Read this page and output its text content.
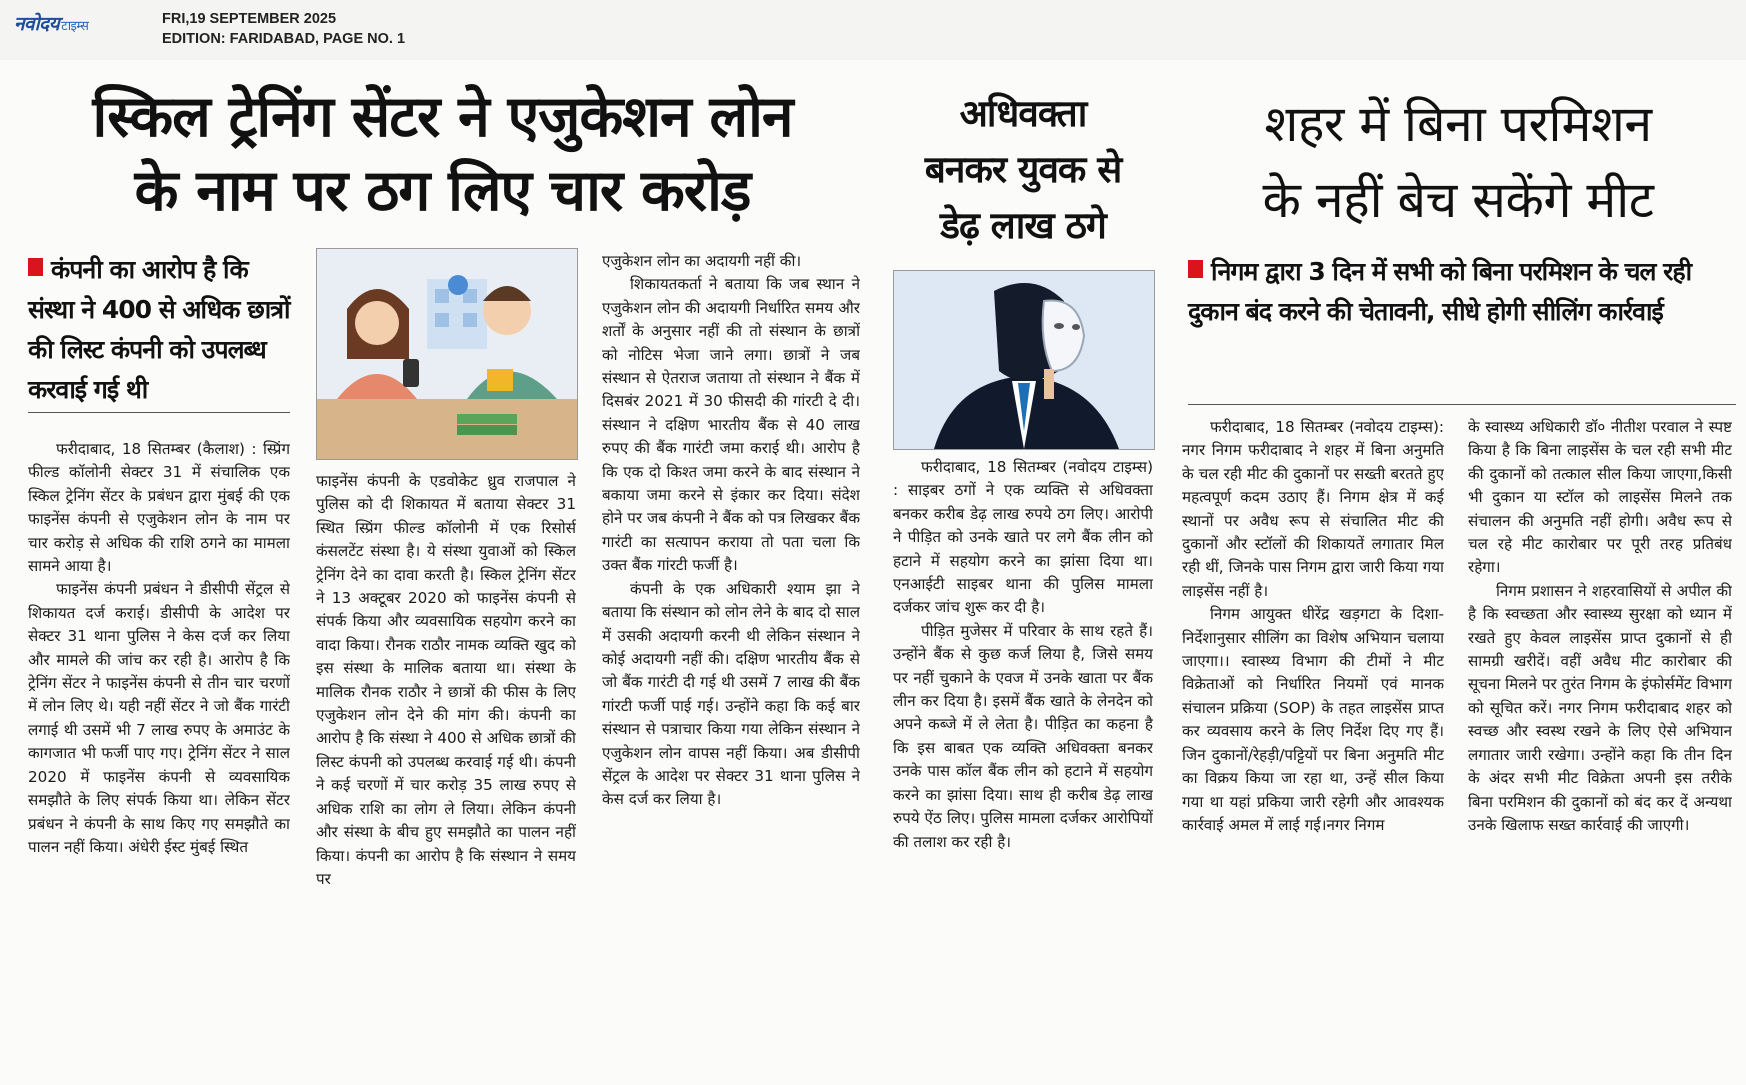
नवोदय टाइम्स	FRI,19 SEPTEMBER 2025
EDITION: FARIDABAD, PAGE NO. 1
स्किल ट्रेनिंग सेंटर ने एजुकेशन लोन
के नाम पर ठग लिए चार करोड़
कंपनी का आरोप है कि संस्था ने 400 से अधिक छात्रों की लिस्ट कंपनी को उपलब्ध करवाई गई थी

फरीदाबाद, 18 सितम्बर (कैलाश) : स्प्रिंग फील्ड कॉलोनी सेक्टर 31 में संचालिक एक स्किल ट्रेनिंग सेंटर के प्रबंधन द्वारा मुंबई की एक फाइनेंस कंपनी से एजुकेशन लोन के नाम पर चार करोड़ से अधिक की राशि ठगने का मामला सामने आया है।

फाइनेंस कंपनी प्रबंधन ने डीसीपी सेंट्रल से शिकायत दर्ज कराई। डीसीपी के आदेश पर सेक्टर 31 थाना पुलिस ने केस दर्ज कर लिया और मामले की जांच कर रही है। आरोप है कि ट्रेनिंग सेंटर ने फाइनेंस कंपनी से तीन चार चरणों में लोन लिए थे। यही नहीं सेंटर ने जो बैंक गारंटी लगाई थी उसमें भी 7 लाख रुपए के अमाउंट के कागजात भी फर्जी पाए गए। ट्रेनिंग सेंटर ने साल 2020 में फाइनेंस कंपनी से व्यवसायिक समझौते के लिए संपर्क किया था। लेकिन सेंटर प्रबंधन ने कंपनी के साथ किए गए समझौते का पालन नहीं किया। अंधेरी ईस्ट मुंबई स्थित

फाइनेंस कंपनी के एडवोकेट ध्रुव राजपाल ने पुलिस को दी शिकायत में बताया सेक्टर 31 स्थित स्प्रिंग फील्ड कॉलोनी में एक रिसोर्स कंसलटेंट संस्था है। ये संस्था युवाओं को स्किल ट्रेनिंग देने का दावा करती है। स्किल ट्रेनिंग सेंटर ने 13 अक्टूबर 2020 को फाइनेंस कंपनी से संपर्क किया और व्यवसायिक सहयोग करने का वादा किया। रौनक राठौर नामक व्यक्ति खुद को इस संस्था के मालिक बताया था। संस्था के मालिक रौनक राठौर ने छात्रों की फीस के लिए एजुकेशन लोन देने की मांग की। कंपनी का आरोप है कि संस्था ने 400 से अधिक छात्रों की लिस्ट कंपनी को उपलब्ध करवाई गई थी। कंपनी ने कई चरणों में चार करोड़ 35 लाख रुपए से अधिक राशि का लोग ले लिया। लेकिन कंपनी और संस्था के बीच हुए समझौते का पालन नहीं किया। कंपनी का आरोप है कि संस्थान ने समय पर

एजुकेशन लोन का अदायगी नहीं की।

शिकायतकर्ता ने बताया कि जब स्थान ने एजुकेशन लोन की अदायगी निर्धारित समय और शर्तों के अनुसार नहीं की तो संस्थान के छात्रों को नोटिस भेजा जाने लगा। छात्रों ने जब संस्थान से ऐतराज जताया तो संस्थान ने बैंक में दिसबंर 2021 में 30 फीसदी की गांरटी दे दी। संस्थान ने दक्षिण भारतीय बैंक से 40 लाख रुपए की बैंक गारंटी जमा कराई थी। आरोप है कि एक दो किश्त जमा करने के बाद संस्थान ने बकाया जमा करने से इंकार कर दिया। संदेश होने पर जब कंपनी ने बैंक को पत्र लिखकर बैंक गारंटी का सत्यापन कराया तो पता चला कि उक्त बैंक गांरटी फर्जी है।

कंपनी के एक अधिकारी श्याम झा ने बताया कि संस्थान को लोन लेने के बाद दो साल में उसकी अदायगी करनी थी लेकिन संस्थान ने कोई अदायगी नहीं की। दक्षिण भारतीय बैंक से जो बैंक गारंटी दी गई थी उसमें 7 लाख की बैंक गांरटी फर्जी पाई गई। उन्होंने कहा कि कई बार संस्थान से पत्राचार किया गया लेकिन संस्थान ने एजुकेशन लोन वापस नहीं किया। अब डीसीपी सेंट्रल के आदेश पर सेक्टर 31 थाना पुलिस ने केस दर्ज कर लिया है।

अधिवक्ता
बनकर युवक से
डेढ़ लाख ठगे

फरीदाबाद, 18 सितम्बर (नवोदय टाइम्स) : साइबर ठगों ने एक व्यक्ति से अधिवक्ता बनकर करीब डेढ़ लाख रुपये ठग लिए। आरोपी ने पीड़ित को उनके खाते पर लगे बैंक लीन को हटाने में सहयोग करने का झांसा दिया था। एनआईटी साइबर थाना की पुलिस मामला दर्जकर जांच शुरू कर दी है।

पीड़ित मुजेसर में परिवार के साथ रहते हैं। उन्होंने बैंक से कुछ कर्ज लिया है, जिसे समय पर नहीं चुकाने के एवज में उनके खाता पर बैंक लीन कर दिया है। इसमें बैंक खाते के लेनदेन को अपने कब्जे में ले लेता है। पीड़ित का कहना है कि इस बाबत एक व्यक्ति अधिवक्ता बनकर उनके पास कॉल बैंक लीन को हटाने में सहयोग करने का झांसा दिया। साथ ही करीब डेढ़ लाख रुपये ऐंठ लिए। पुलिस मामला दर्जकर आरोपियों की तलाश कर रही है।

शहर में बिना परमिशन
के नहीं बेच सकेंगे मीट
निगम द्वारा 3 दिन में सभी को बिना परमिशन के चल रही दुकान बंद करने की चेतावनी, सीधे होगी सीलिंग कार्रवाई

फरीदाबाद, 18 सितम्बर (नवोदय टाइम्स): नगर निगम फरीदाबाद ने शहर में बिना अनुमति के चल रही मीट की दुकानों पर सख्ती बरतते हुए महत्वपूर्ण कदम उठाए हैं। निगम क्षेत्र में कई स्थानों पर अवैध रूप से संचालित मीट की दुकानों और स्टॉलों की शिकायतें लगातार मिल रही थीं, जिनके पास निगम द्वारा जारी किया गया लाइसेंस नहीं है।

निगम आयुक्त धीरेंद्र खड़गटा के दिशा-निर्देशानुसार सीलिंग का विशेष अभियान चलाया जाएगा।। स्वास्थ्य विभाग की टीमों ने मीट विक्रेताओं को निर्धारित नियमों एवं मानक संचालन प्रक्रिया (SOP) के तहत लाइसेंस प्राप्त कर व्यवसाय करने के लिए निर्देश दिए गए हैं। जिन दुकानों/रेहड़ी/पट्टियों पर बिना अनुमति मीट का विक्रय किया जा रहा था, उन्हें सील किया गया था यहां प्रकिया जारी रहेगी और आवश्यक कार्रवाई अमल में लाई गई।नगर निगम

के स्वास्थ्य अधिकारी डॉ० नीतीश परवाल ने स्पष्ट किया है कि बिना लाइसेंस के चल रही सभी मीट की दुकानों को तत्काल सील किया जाएगा,किसी भी दुकान या स्टॉल को लाइसेंस मिलने तक संचालन की अनुमति नहीं होगी। अवैध रूप से चल रहे मीट कारोबार पर पूरी तरह प्रतिबंध रहेगा।

निगम प्रशासन ने शहरवासियों से अपील की है कि स्वच्छता और स्वास्थ्य सुरक्षा को ध्यान में रखते हुए केवल लाइसेंस प्राप्त दुकानों से ही सामग्री खरीदें। वहीं अवैध मीट कारोबार की सूचना मिलने पर तुरंत निगम के इंफोर्समेंट विभाग को सूचित करें। नगर निगम फरीदाबाद शहर को स्वच्छ और स्वस्थ रखने के लिए ऐसे अभियान लगातार जारी रखेगा। उन्होंने कहा कि तीन दिन के अंदर सभी मीट विक्रेता अपनी इस तरीके बिना परमिशन की दुकानों को बंद कर दें अन्यथा उनके खिलाफ सख्त कार्रवाई की जाएगी।
